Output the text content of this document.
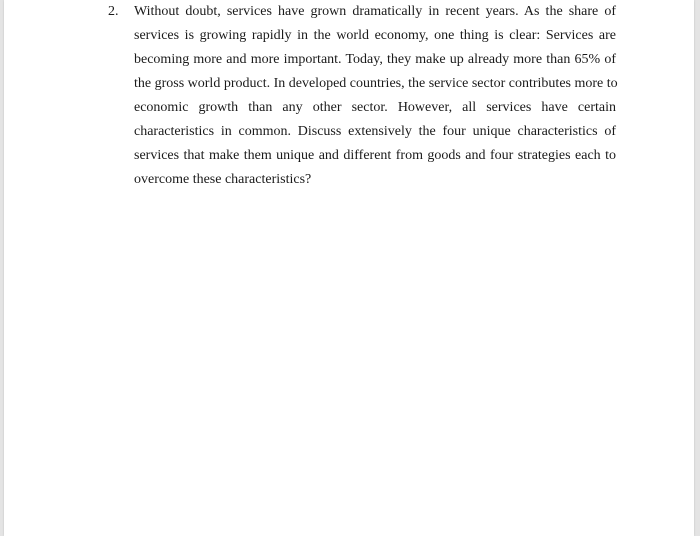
2. Without doubt, services have grown dramatically in recent years. As the share of
services is growing rapidly in the world economy, one thing is clear: Services are
becoming more and more important. Today, they make up already more than 65% of
the gross world product. In developed countries, the service sector contributes more to
economic growth than any other sector. However, all services have certain
characteristics in common. Discuss extensively the four unique characteristics of
services that make them unique and different from goods and four strategies each to
overcome these characteristics?
